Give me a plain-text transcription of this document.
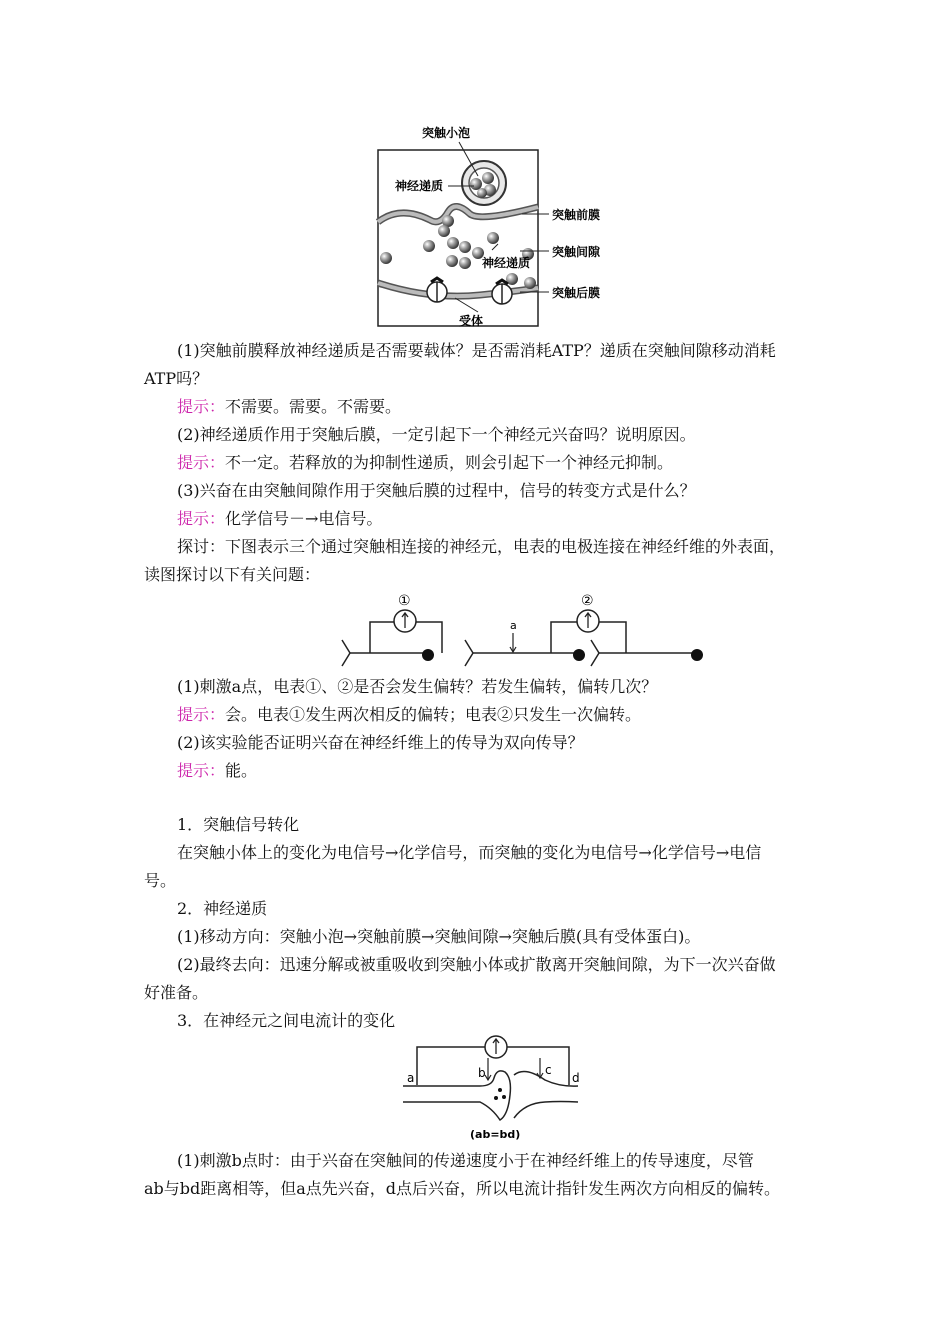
突触小泡
神经递质
突触前膜
神经递质
突触间隙
突触后膜
受体
(1)突触前膜释放神经递质是否需要载体？是否需消耗ATP？递质在突触间隙移动消耗
ATP吗？
提示：不需要。需要。不需要。
(2)神经递质作用于突触后膜，一定引起下一个神经元兴奋吗？说明原因。
提示：不一定。若释放的为抑制性递质，则会引起下一个神经元抑制。
(3)兴奋在由突触间隙作用于突触后膜的过程中，信号的转变方式是什么？
提示：化学信号－→电信号。
探讨：下图表示三个通过突触相连接的神经元，电表的电极连接在神经纤维的外表面，
读图探讨以下有关问题：
①	②
a
(1)刺激a点，电表①、②是否会发生偏转？若发生偏转，偏转几次？
提示：会。电表①发生两次相反的偏转；电表②只发生一次偏转。
(2)该实验能否证明兴奋在神经纤维上的传导为双向传导？
提示：能。
1．突触信号转化
在突触小体上的变化为电信号→化学信号，而突触的变化为电信号→化学信号→电信
号。
2．神经递质
(1)移动方向：突触小泡→突触前膜→突触间隙→突触后膜(具有受体蛋白)。
(2)最终去向：迅速分解或被重吸收到突触小体或扩散离开突触间隙，为下一次兴奋做
好准备。
3．在神经元之间电流计的变化
a	b	c
d
(ab=bd)
(1)刺激b点时：由于兴奋在突触间的传递速度小于在神经纤维上的传导速度，尽管
ab与bd距离相等，但a点先兴奋，d点后兴奋，所以电流计指针发生两次方向相反的偏转。
